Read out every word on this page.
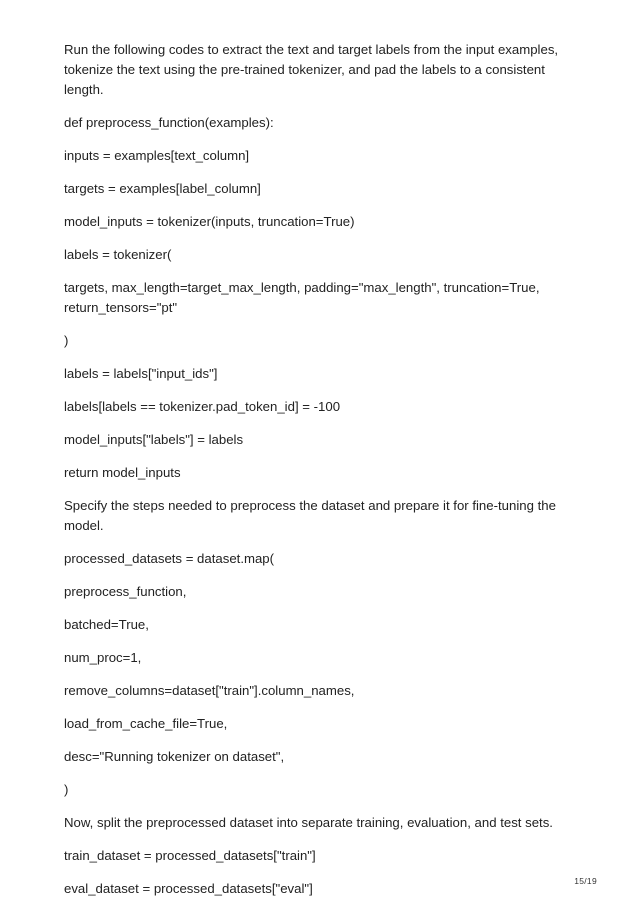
Run the following codes to extract the text and target labels from the input examples, tokenize the text using the pre-trained tokenizer, and pad the labels to a consistent length.

def preprocess_function(examples):

inputs = examples[text_column]

targets = examples[label_column]

model_inputs = tokenizer(inputs, truncation=True)

labels = tokenizer(

targets, max_length=target_max_length, padding="max_length", truncation=True, return_tensors="pt"

)

labels = labels["input_ids"]

labels[labels == tokenizer.pad_token_id] = -100

model_inputs["labels"] = labels

return model_inputs

Specify the steps needed to preprocess the dataset and prepare it for fine-tuning the model.

processed_datasets = dataset.map(

preprocess_function,

batched=True,

num_proc=1,

remove_columns=dataset["train"].column_names,

load_from_cache_file=True,

desc="Running tokenizer on dataset",

)

Now, split the preprocessed dataset into separate training, evaluation, and test sets.

train_dataset = processed_datasets["train"]

eval_dataset = processed_datasets["eval"]	15/19
